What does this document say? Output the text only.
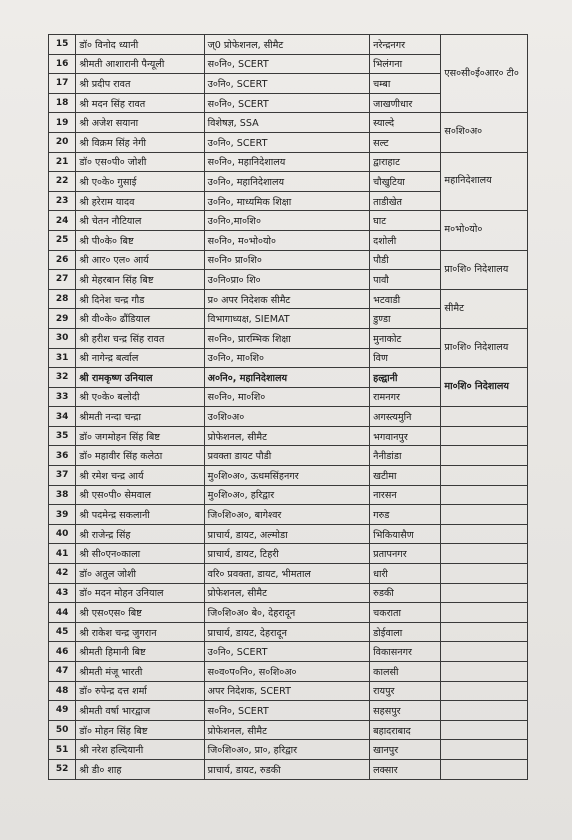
15	डॉ० विनोद ध्यानी	ज्0 प्रोफेशनल, सीमैट	नरेन्द्रनगर	एस०सी०ई०आर० टी०
16	श्रीमती आशारानी पैन्यूली	स०नि०, SCERT	भिलंगना	
17	श्री प्रदीप रावत	उ०नि०, SCERT	चम्बा	
18	श्री मदन सिंह रावत	स०नि०, SCERT	जाखणीधार	
19	श्री अजेश सयाना	विशेषज्ञ, SSA	स्याल्दे	स०शि०अ०
20	श्री विक्रम सिंह नेगी	उ०नि०, SCERT	सल्ट	
21	डॉ० एस०पी० जोशी	स०नि०, महानिदेशालय	द्वाराहाट	महानिदेशालय
22	श्री ए०के० गुसाई	उ०नि०, महानिदेशालय	चौखुटिया	
23	श्री हरेराम यादव	उ०नि०, माध्यमिक शिक्षा	ताडीखेत	
24	श्री चेतन नौटियाल	उ०नि०,मा०शि०	घाट	म०भो०यो०
25	श्री पी०के० बिष्ट	स०नि०, म०भो०यो०	दशोली	
26	श्री आर० एल० आर्य	स०नि० प्रा०शि०	पौडी	प्रा०शि० निदेशालय
27	श्री मेहरबान सिंह बिष्ट	उ०नि०प्रा० शि०	पावौ	
28	श्री दिनेश चन्द्र गौड	प्र० अपर निदेशक सीमैट	भटवाडी	सीमैट
29	श्री वी०के० ढौंडियाल	विभागाध्यक्ष, SIEMAT	डुण्डा	
30	श्री हरीश चन्द्र सिंह रावत	स०नि०, प्रारम्भिक शिक्षा	मुनाकोट	प्रा०शि० निदेशालय
31	श्री नागेन्द्र बर्त्वाल	उ०नि०, मा०शि०	विण	
32	श्री रामकृष्ण उनियाल	अ०नि०, महानिदेशालय	हल्द्वानी	मा०शि० निदेशालय
33	श्री ए०के० बलोदी	स०नि०, मा०शि०	रामनगर	
34	श्रीमती नन्दा चन्द्रा	उ०शि०अ०	अगस्त्यमुनि	
35	डॉ० जगमोहन सिंह बिष्ट	प्रोफेशनल, सीमैट	भगवानपुर	
36	डॉ० महावीर सिंह कलेठा	प्रवक्ता डायट पौडी	नैनीडांडा	
37	श्री रमेश चन्द्र आर्य	मु०शि०अ०, ऊधमसिंहनगर	खटीमा	
38	श्री एस०पी० सेमवाल	मु०शि०अ०, हरिद्वार	नारसन	
39	श्री पदमेन्द्र सकलानी	जि०शि०अ०, बागेश्वर	गरुड	
40	श्री राजेन्द्र सिंह	प्राचार्य, डायट, अल्मोडा	भिकियासैण	
41	श्री सी०एन०काला	प्राचार्य, डायट, टिहरी	प्रतापनगर	
42	डॉ० अतुल जोशी	वरि० प्रवक्ता, डायट, भीमताल	धारी	
43	डॉ० मदन मोहन उनियाल	प्रोफेशनल, सीमैट	रुडकी	
44	श्री एस०एस० बिष्ट	जि०शि०अ० बे०, देहरादून	चकराता	
45	श्री राकेश चन्द्र जुगरान	प्राचार्य, डायट, देहरादून	डोईवाला	
46	श्रीमती हिमानी बिष्ट	उ०नि०, SCERT	विकासनगर	
47	श्रीमती मंजू भारती	स०व०प०नि०, स०शि०अ०	कालसी	
48	डॉ० रुपेन्द्र दत्त शर्मा	अपर निदेशक, SCERT	रायपुर	
49	श्रीमती वर्षा भारद्वाज	स०नि०, SCERT	सहसपुर	
50	डॉ० मोहन सिंह बिष्ट	प्रोफेशनल, सीमैट	बहादराबाद	
51	श्री नरेश हल्दियानी	जि०शि०अ०, प्रा०, हरिद्वार	खानपुर	
52	श्री डी० शाह	प्राचार्य, डायट, रुडकी	लक्सार	
